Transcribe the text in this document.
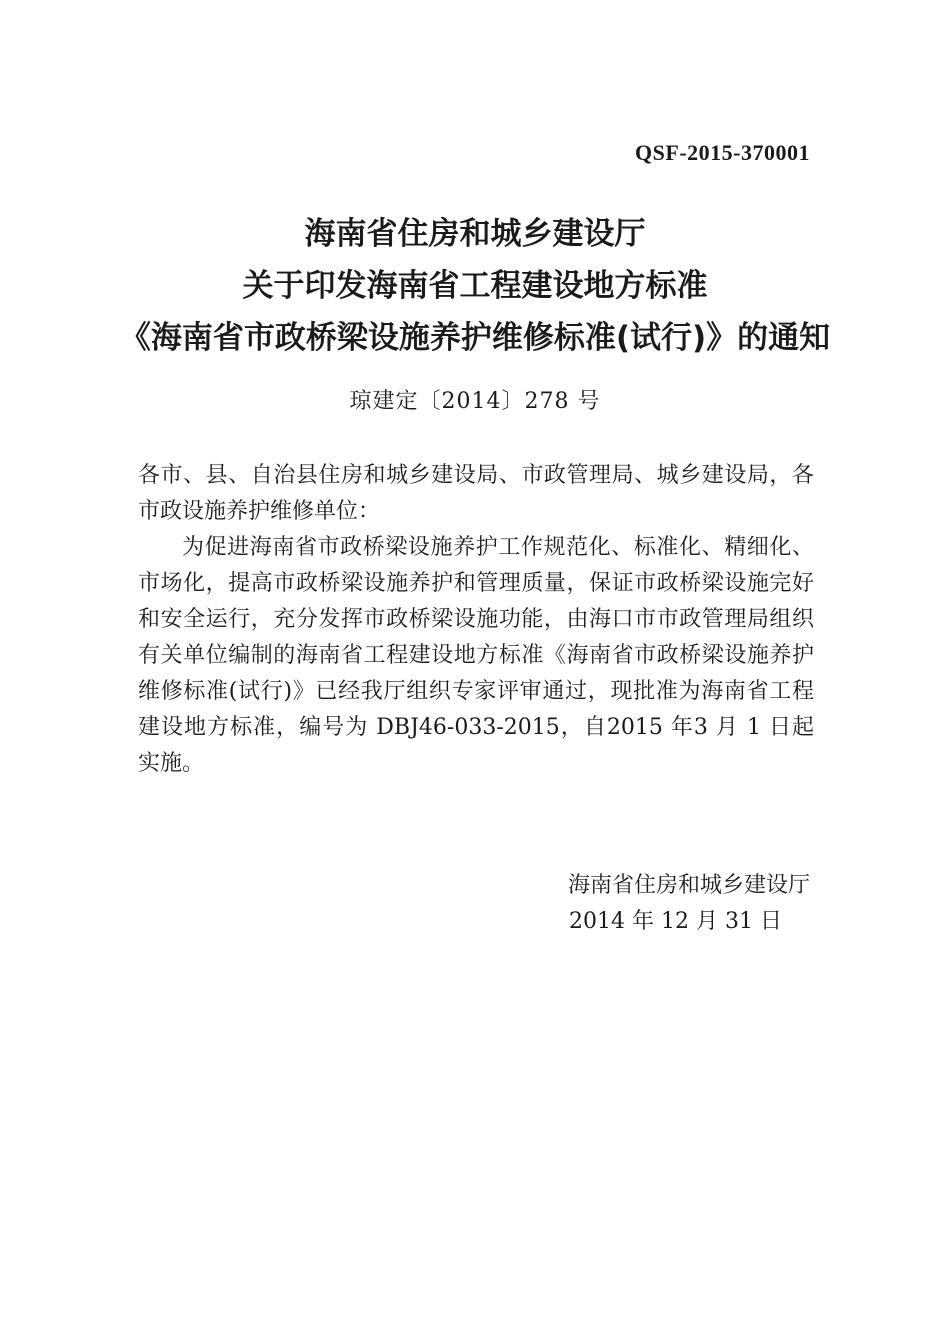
QSF-2015-370001
海南省住房和城乡建设厅
关于印发海南省工程建设地方标准
《海南省市政桥梁设施养护维修标准(试行)》的通知
琼建定〔2014〕278 号

各市、县、自治县住房和城乡建设局、市政管理局、城乡建设局，各市政设施养护维修单位：

为促进海南省市政桥梁设施养护工作规范化、标准化、精细化、市场化，提高市政桥梁设施养护和管理质量，保证市政桥梁设施完好和安全运行，充分发挥市政桥梁设施功能，由海口市市政管理局组织有关单位编制的海南省工程建设地方标准《海南省市政桥梁设施养护维修标准(试行)》已经我厅组织专家评审通过，现批准为海南省工程建设地方标准，编号为 DBJ46-033-2015，自2015 年3 月 1 日起实施。

海南省住房和城乡建设厅
2014 年 12 月 31 日
